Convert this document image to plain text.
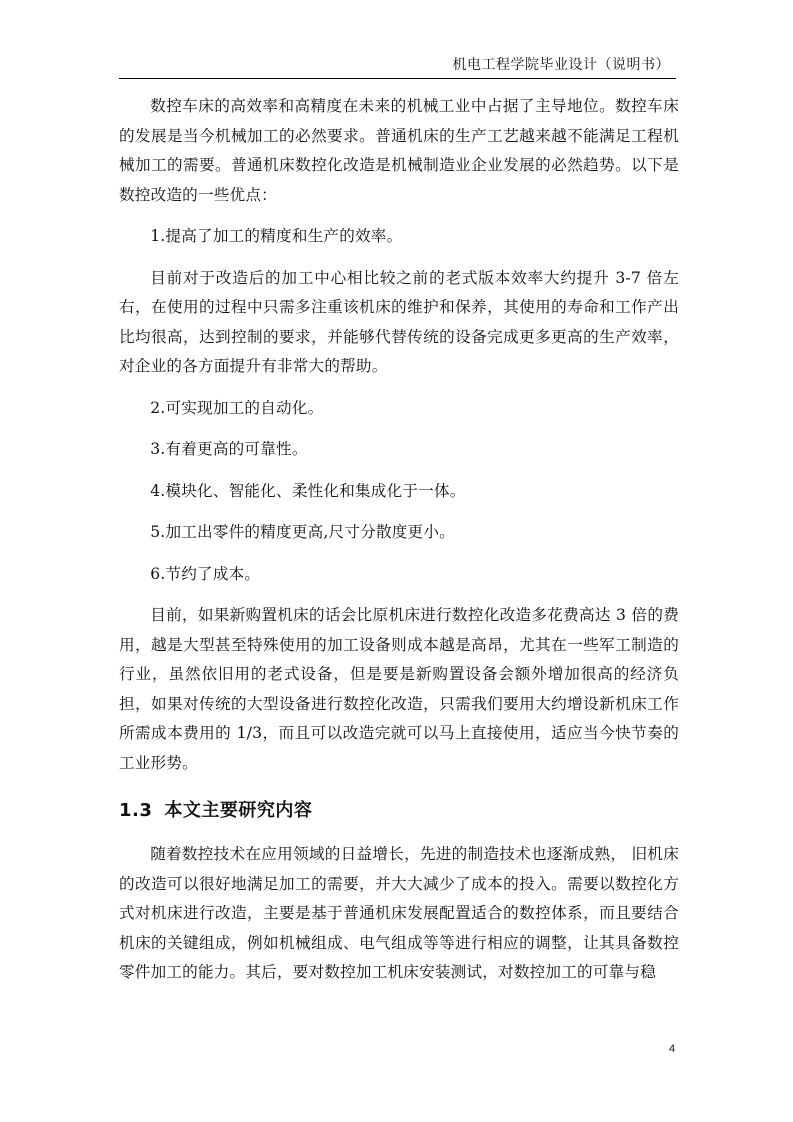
机电工程学院毕业设计（说明书）

数控车床的高效率和高精度在未来的机械工业中占据了主导地位。数控车床的发展是当今机械加工的必然要求。普通机床的生产工艺越来越不能满足工程机械加工的需要。普通机床数控化改造是机械制造业企业发展的必然趋势。以下是数控改造的一些优点：

1.提高了加工的精度和生产的效率。

目前对于改造后的加工中心相比较之前的老式版本效率大约提升 3-7 倍左右，在使用的过程中只需多注重该机床的维护和保养，其使用的寿命和工作产出比均很高，达到控制的要求，并能够代替传统的设备完成更多更高的生产效率，对企业的各方面提升有非常大的帮助。

2.可实现加工的自动化。

3.有着更高的可靠性。

4.模块化、智能化、柔性化和集成化于一体。

5.加工出零件的精度更高,尺寸分散度更小。

6.节约了成本。

目前，如果新购置机床的话会比原机床进行数控化改造多花费高达 3 倍的费用，越是大型甚至特殊使用的加工设备则成本越是高昂，尤其在一些军工制造的行业，虽然依旧用的老式设备，但是要是新购置设备会额外增加很高的经济负担，如果对传统的大型设备进行数控化改造，只需我们要用大约增设新机床工作所需成本费用的 1/3，而且可以改造完就可以马上直接使用，适应当今快节奏的工业形势。

1.3 本文主要研究内容

随着数控技术在应用领域的日益增长，先进的制造技术也逐渐成熟， 旧机床的改造可以很好地满足加工的需要，并大大减少了成本的投入。需要以数控化方式对机床进行改造，主要是基于普通机床发展配置适合的数控体系，而且要结合机床的关键组成，例如机械组成、电气组成等等进行相应的调整，让其具备数控零件加工的能力。其后，要对数控加工机床安装测试，对数控加工的可靠与稳

4
